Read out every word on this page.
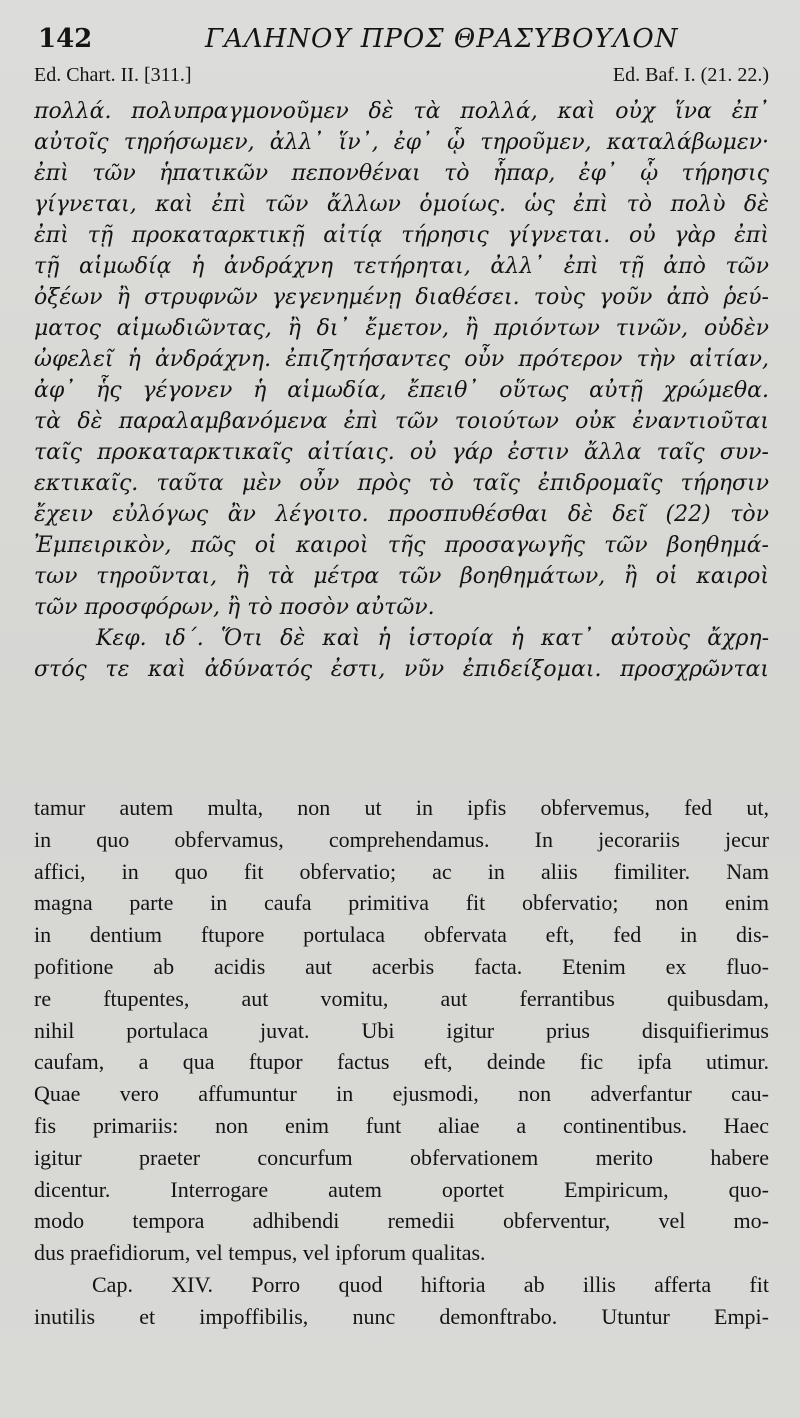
142	ΓΑΛΗΝΟΥ ΠΡΟΣ ΘΡΑΣΥΒΟΥΛΟΝ
Ed. Chart. II. [311.]	Ed. Baf. I. (21. 22.)
πολλά. πολυπραγμονοῦμεν δὲ τὰ πολλά, καὶ οὐχ ἵνα ἐπ᾽
αὐτοῖς τηρήσωμεν, ἀλλ᾽ ἵν᾽, ἐφ᾽ ᾧ τηροῦμεν, καταλάβωμεν·
ἐπὶ τῶν ἡπατικῶν πεπονθέναι τὸ ἧπαρ, ἐφ᾽ ᾧ τήρησις
γίγνεται, καὶ ἐπὶ τῶν ἄλλων ὁμοίως. ὡς ἐπὶ τὸ πολὺ δὲ
ἐπὶ τῇ προκαταρκτικῇ αἰτίᾳ τήρησις γίγνεται. οὐ γὰρ ἐπὶ
τῇ αἱμωδίᾳ ἡ ἀνδράχνη τετήρηται, ἀλλ᾽ ἐπὶ τῇ ἀπὸ τῶν
ὀξέων ἢ στρυφνῶν γεγενημένῃ διαθέσει. τοὺς γοῦν ἀπὸ ῥεύ-
ματος αἱμωδιῶντας, ἢ δι᾽ ἔμετον, ἢ πριόντων τινῶν, οὐδὲν
ὠφελεῖ ἡ ἀνδράχνη. ἐπιζητήσαντες οὖν πρότερον τὴν αἰτίαν,
ἀφ᾽ ἧς γέγονεν ἡ αἱμωδία, ἔπειθ᾽ οὕτως αὐτῇ χρώμεθα.
τὰ δὲ παραλαμβανόμενα ἐπὶ τῶν τοιούτων οὐκ ἐναντιοῦται
ταῖς προκαταρκτικαῖς αἰτίαις. οὐ γάρ ἐστιν ἄλλα ταῖς συν-
εκτικαῖς. ταῦτα μὲν οὖν πρὸς τὸ ταῖς ἐπιδρομαῖς τήρησιν
ἔχειν εὐλόγως ἂν λέγοιτο. προσπυθέσθαι δὲ δεῖ (22) τὸν
Ἐμπειρικὸν, πῶς οἱ καιροὶ τῆς προσαγωγῆς τῶν βοηθημά-
των τηροῦνται, ἢ τὰ μέτρα τῶν βοηθημάτων, ἢ οἱ καιροὶ
τῶν προσφόρων, ἢ τὸ ποσὸν αὐτῶν.
Κεφ. ιδ΄. Ὅτι δὲ καὶ ἡ ἱστορία ἡ κατ᾽ αὐτοὺς ἄχρη-
στός τε καὶ ἀδύνατός ἐστι, νῦν ἐπιδείξομαι. προσχρῶνται
tamur autem multa, non ut in ipfis obfervemus, fed ut,
in quo obfervamus, comprehendamus. In jecorariis jecur
affici, in quo fit obfervatio; ac in aliis fimiliter. Nam
magna parte in caufa primitiva fit obfervatio; non enim
in dentium ftupore portulaca obfervata eft, fed in dis-
pofitione ab acidis aut acerbis facta. Etenim ex fluo-
re ftupentes, aut vomitu, aut ferrantibus quibusdam,
nihil portulaca juvat. Ubi igitur prius disquifierimus
caufam, a qua ftupor factus eft, deinde fic ipfa utimur.
Quae vero affumuntur in ejusmodi, non adverfantur cau-
fis primariis: non enim funt aliae a continentibus. Haec
igitur praeter concurfum obfervationem merito habere
dicentur. Interrogare autem oportet Empiricum, quo-
modo tempora adhibendi remedii obferventur, vel mo-
dus praefidiorum, vel tempus, vel ipforum qualitas.
Cap. XIV. Porro quod hiftoria ab illis afferta fit
inutilis et impoffibilis, nunc demonftrabo. Utuntur Empi-
